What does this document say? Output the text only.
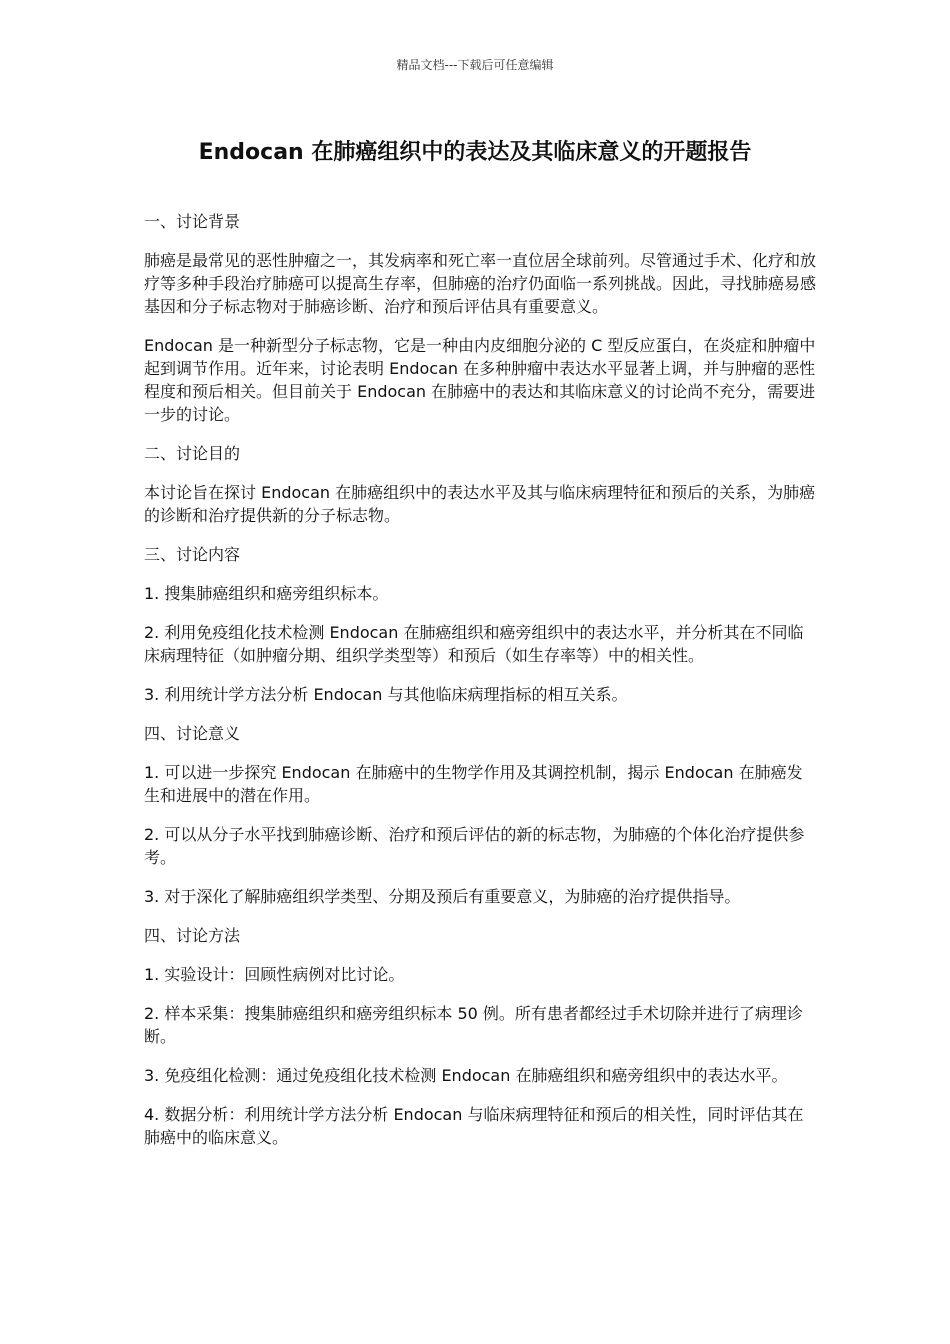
精品文档---下载后可任意编辑
Endocan 在肺癌组织中的表达及其临床意义的开题报告
一、讨论背景

肺癌是最常见的恶性肿瘤之一，其发病率和死亡率一直位居全球前列。尽管通过手术、化疗和放疗等多种手段治疗肺癌可以提高生存率，但肺癌的治疗仍面临一系列挑战。因此，寻找肺癌易感基因和分子标志物对于肺癌诊断、治疗和预后评估具有重要意义。

Endocan 是一种新型分子标志物，它是一种由内皮细胞分泌的 C 型反应蛋白，在炎症和肿瘤中起到调节作用。近年来，讨论表明 Endocan 在多种肿瘤中表达水平显著上调，并与肿瘤的恶性程度和预后相关。但目前关于 Endocan 在肺癌中的表达和其临床意义的讨论尚不充分，需要进一步的讨论。

二、讨论目的

本讨论旨在探讨 Endocan 在肺癌组织中的表达水平及其与临床病理特征和预后的关系，为肺癌的诊断和治疗提供新的分子标志物。

三、讨论内容

1. 搜集肺癌组织和癌旁组织标本。

2. 利用免疫组化技术检测 Endocan 在肺癌组织和癌旁组织中的表达水平，并分析其在不同临床病理特征（如肿瘤分期、组织学类型等）和预后（如生存率等）中的相关性。

3. 利用统计学方法分析 Endocan 与其他临床病理指标的相互关系。

四、讨论意义

1. 可以进一步探究 Endocan 在肺癌中的生物学作用及其调控机制，揭示 Endocan 在肺癌发生和进展中的潜在作用。

2. 可以从分子水平找到肺癌诊断、治疗和预后评估的新的标志物，为肺癌的个体化治疗提供参考。

3. 对于深化了解肺癌组织学类型、分期及预后有重要意义，为肺癌的治疗提供指导。

四、讨论方法

1. 实验设计：回顾性病例对比讨论。

2. 样本采集：搜集肺癌组织和癌旁组织标本 50 例。所有患者都经过手术切除并进行了病理诊断。

3. 免疫组化检测：通过免疫组化技术检测 Endocan 在肺癌组织和癌旁组织中的表达水平。

4. 数据分析：利用统计学方法分析 Endocan 与临床病理特征和预后的相关性，同时评估其在肺癌中的临床意义。
